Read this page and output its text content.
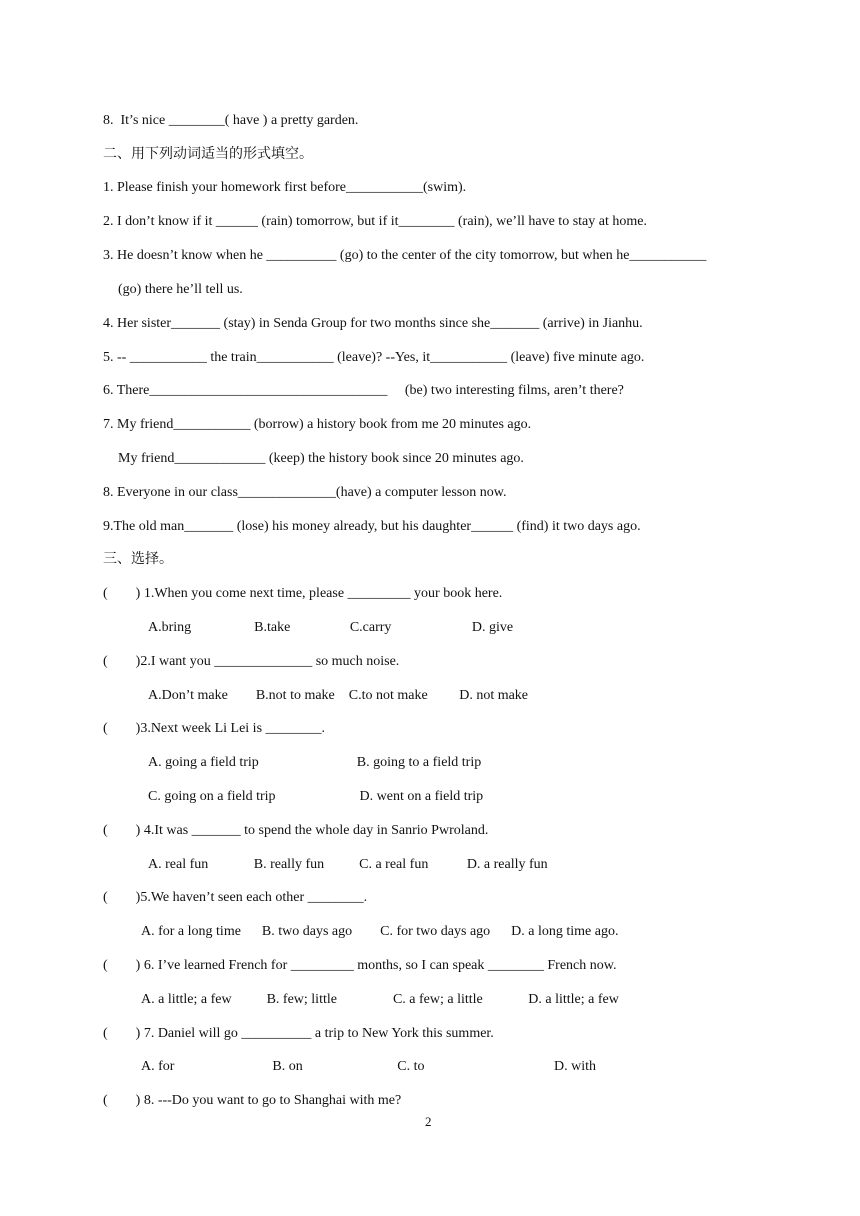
8.  It’s nice ________( have ) a pretty garden.
二、用下列动词适当的形式填空。
1. Please finish your homework first before___________(swim).
2. I don’t know if it ______ (rain) tomorrow, but if it________ (rain), we’ll have to stay at home.
3. He doesn’t know when he __________ (go) to the center of the city tomorrow, but when he___________
(go) there he’ll tell us.
4. Her sister_______ (stay) in Senda Group for two months since she_______ (arrive) in Jianhu.
5. -- ___________ the train___________ (leave)? --Yes, it___________ (leave) five minute ago.
6. There__________________________________     (be) two interesting films, aren’t there?
7. My friend___________ (borrow) a history book from me 20 minutes ago.
My friend_____________ (keep) the history book since 20 minutes ago.
8. Everyone in our class______________(have) a computer lesson now.
9.The old man_______ (lose) his money already, but his daughter______ (find) it two days ago.
三、选择。
(        ) 1.When you come next time, please _________ your book here.
A.bring                  B.take                 C.carry                       D. give
(        )2.I want you ______________ so much noise.
A.Don’t make        B.not to make    C.to not make         D. not make
(        )3.Next week Li Lei is ________.
A. going a field trip                            B. going to a field trip
C. going on a field trip                        D. went on a field trip
(        ) 4.It was _______ to spend the whole day in Sanrio Pwroland.
A. real fun             B. really fun          C. a real fun           D. a really fun
(        )5.We haven’t seen each other ________.
A. for a long time      B. two days ago        C. for two days ago      D. a long time ago.
(        ) 6. I’ve learned French for _________ months, so I can speak ________ French now.
A. a little; a few          B. few; little                C. a few; a little             D. a little; a few
(        ) 7. Daniel will go __________ a trip to New York this summer.
A. for                            B. on                           C. to                                     D. with
(        ) 8. ---Do you want to go to Shanghai with me?
2
